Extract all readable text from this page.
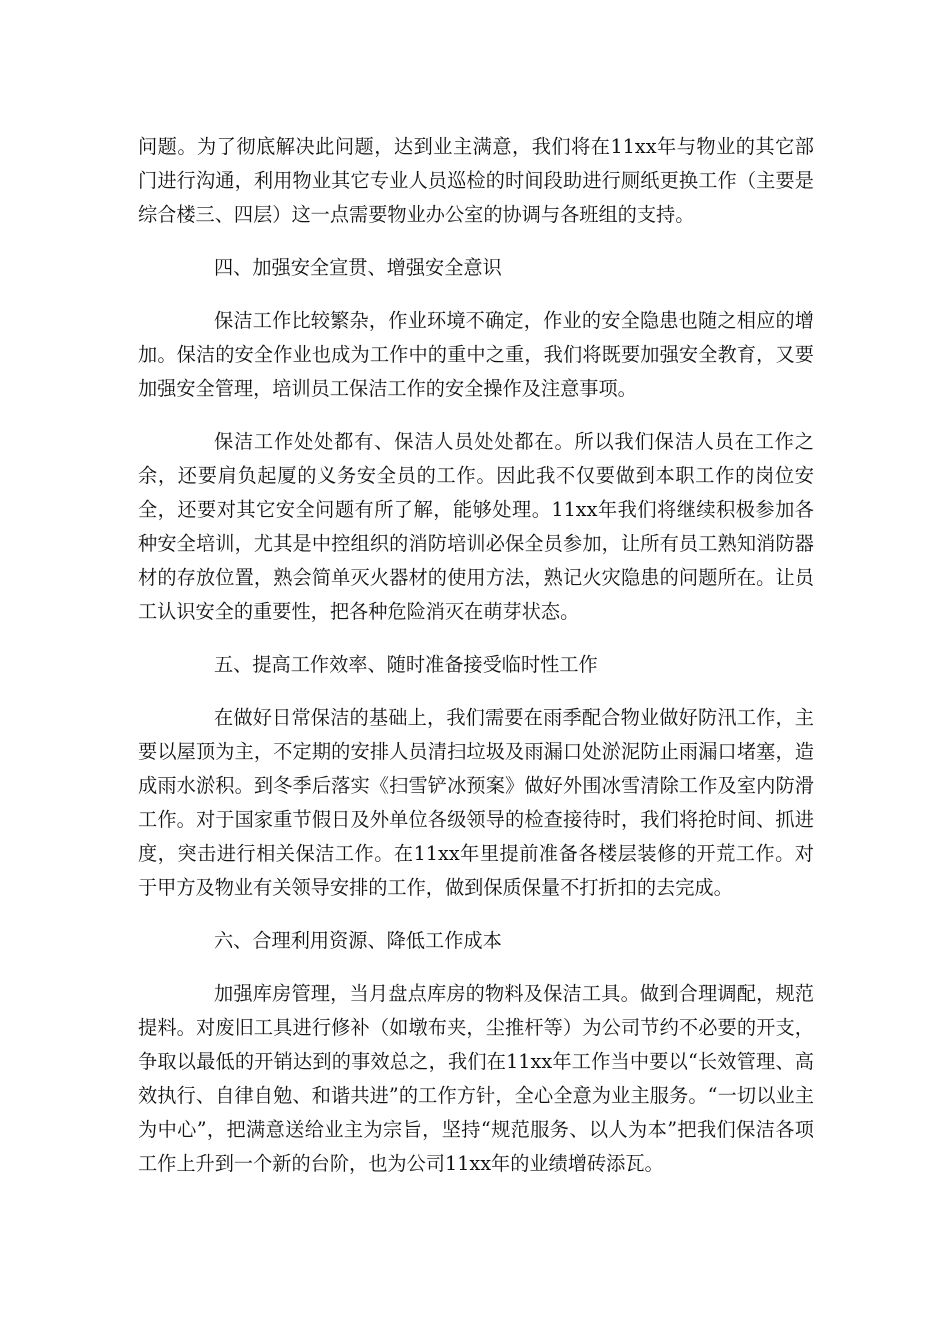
问题。为了彻底解决此问题，达到业主满意，我们将在11xx年与物业的其它部门进行沟通，利用物业其它专业人员巡检的时间段助进行厕纸更换工作（主要是综合楼三、四层）这一点需要物业办公室的协调与各班组的支持。

四、加强安全宣贯、增强安全意识

保洁工作比较繁杂，作业环境不确定，作业的安全隐患也随之相应的增加。保洁的安全作业也成为工作中的重中之重，我们将既要加强安全教育，又要加强安全管理，培训员工保洁工作的安全操作及注意事项。

保洁工作处处都有、保洁人员处处都在。所以我们保洁人员在工作之余，还要肩负起厦的义务安全员的工作。因此我不仅要做到本职工作的岗位安全，还要对其它安全问题有所了解，能够处理。11xx年我们将继续积极参加各种安全培训，尤其是中控组织的消防培训必保全员参加，让所有员工熟知消防器材的存放位置，熟会简单灭火器材的使用方法，熟记火灾隐患的问题所在。让员工认识安全的重要性，把各种危险消灭在萌芽状态。

五、提高工作效率、随时准备接受临时性工作

在做好日常保洁的基础上，我们需要在雨季配合物业做好防汛工作，主要以屋顶为主，不定期的安排人员清扫垃圾及雨漏口处淤泥防止雨漏口堵塞，造成雨水淤积。到冬季后落实《扫雪铲冰预案》做好外围冰雪清除工作及室内防滑工作。对于国家重节假日及外单位各级领导的检查接待时，我们将抢时间、抓进度，突击进行相关保洁工作。在11xx年里提前准备各楼层装修的开荒工作。对于甲方及物业有关领导安排的工作，做到保质保量不打折扣的去完成。

六、合理利用资源、降低工作成本

加强库房管理，当月盘点库房的物料及保洁工具。做到合理调配，规范提料。对废旧工具进行修补（如墩布夹，尘推杆等）为公司节约不必要的开支，争取以最低的开销达到的事效总之，我们在11xx年工作当中要以“长效管理、高效执行、自律自勉、和谐共进”的工作方针，全心全意为业主服务。“一切以业主为中心”，把满意送给业主为宗旨，坚持“规范服务、以人为本”把我们保洁各项工作上升到一个新的台阶，也为公司11xx年的业绩增砖添瓦。
